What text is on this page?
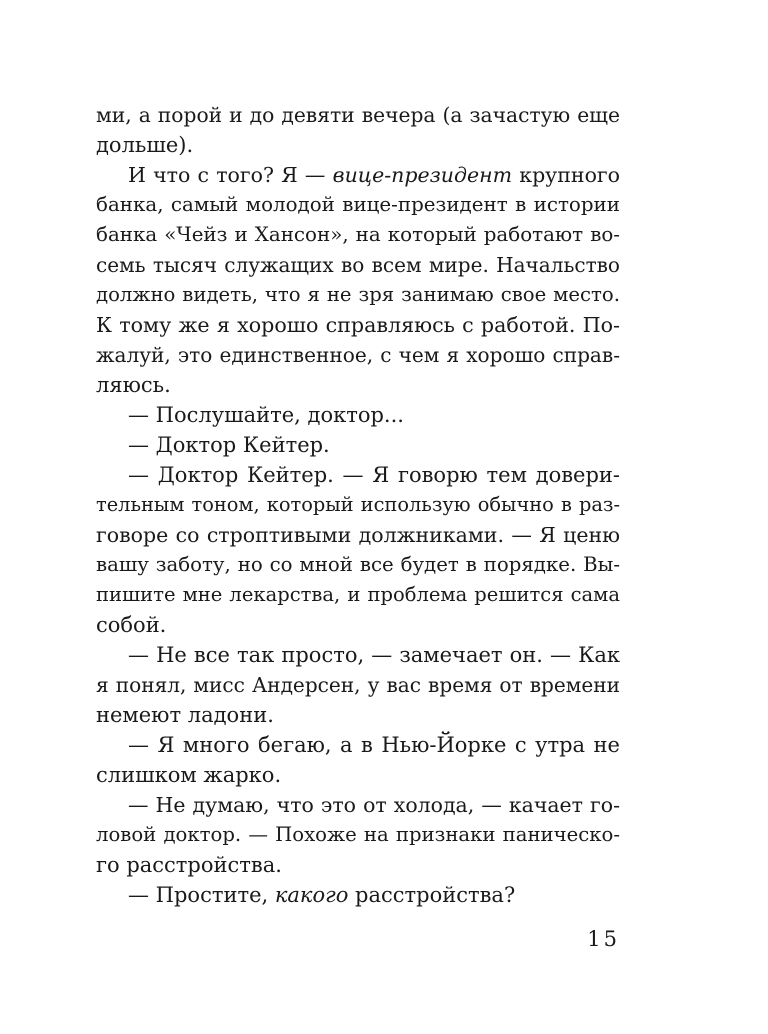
ми, а порой и до девяти вечера (а зачастую еще
дольше).
И что с того? Я — вице-президент крупного
банка, самый молодой вице-президент в истории
банка «Чейз и Хансон», на который работают во-
семь тысяч служащих во всем мире. Начальство
должно видеть, что я не зря занимаю свое место.
К тому же я хорошо справляюсь с работой. По-
жалуй, это единственное, с чем я хорошо справ-
ляюсь.
— Послушайте, доктор...
— Доктор Кейтер.
— Доктор Кейтер. — Я говорю тем довери-
тельным тоном, который использую обычно в раз-
говоре со строптивыми должниками. — Я ценю
вашу заботу, но со мной все будет в порядке. Вы-
пишите мне лекарства, и проблема решится сама
собой.
— Не все так просто, — замечает он. — Как
я понял, мисс Андерсен, у вас время от времени
немеют ладони.
— Я много бегаю, а в Нью-Йорке с утра не
слишком жарко.
— Не думаю, что это от холода, — качает го-
ловой доктор. — Похоже на признаки паническо-
го расстройства.
— Простите, какого расстройства?
15
